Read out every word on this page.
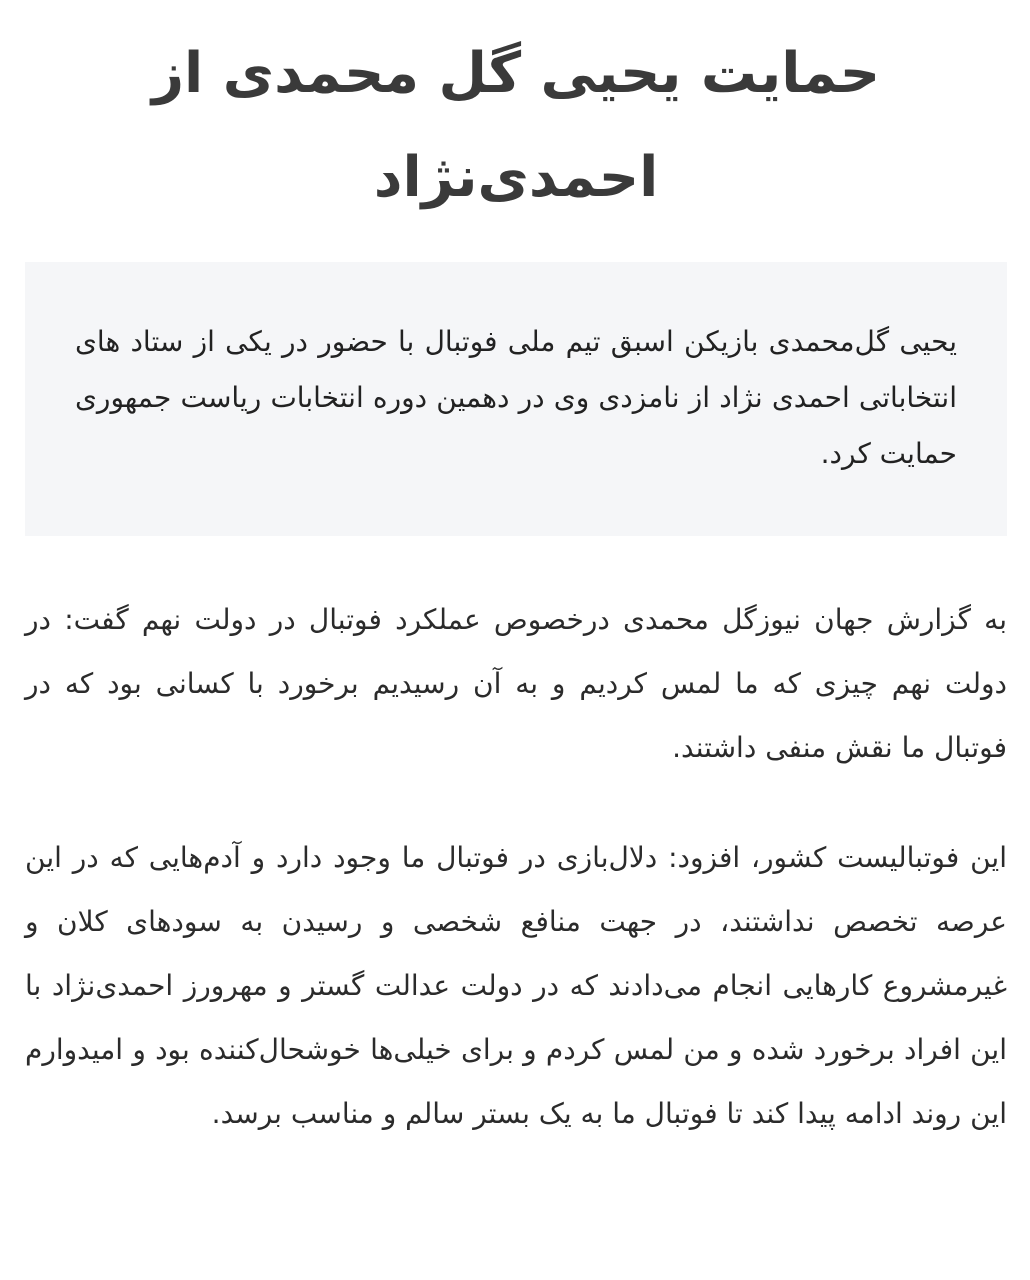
حمایت یحیی گل محمدی از احمدی‌نژاد

یحیی گل‌محمدی بازیکن اسبق تیم ملی فوتبال با حضور در یکی از ستاد های انتخاباتی احمدی نژاد از نامزدی وی در دهمین دوره انتخابات ریاست جمهوری حمایت کرد.

به گزارش جهان نیوزگل محمدی درخصوص عملکرد فوتبال در دولت نهم گفت: در دولت نهم چیزی که ما لمس کردیم و به آن رسیدیم برخورد با کسانی بود که در فوتبال ما نقش منفی داشتند.

این فوتبالیست کشور، افزود: دلال‌بازی در فوتبال ما وجود دارد و آدم‌هایی که در این عرصه تخصص نداشتند، در جهت منافع شخصی و رسیدن به سودهای کلان و غیرمشروع کارهایی انجام می‌دادند که در دولت عدالت گستر و مهرورز احمدی‌نژاد با این افراد برخورد شده و من لمس کردم و برای خیلی‌ها خوشحال‌کننده بود و امیدوارم این روند ادامه پیدا کند تا فوتبال ما به یک بستر سالم و مناسب برسد.
